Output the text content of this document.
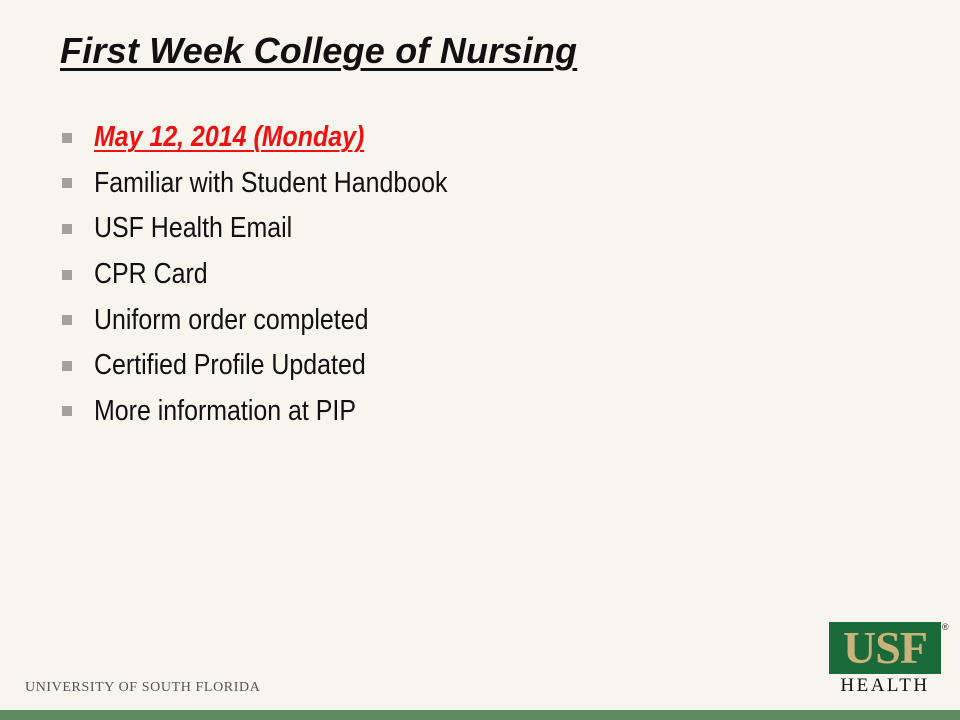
First Week College of Nursing
May 12, 2014 (Monday)
Familiar with Student Handbook
USF Health Email
CPR Card
Uniform order completed
Certified Profile Updated
More information at PIP
UNIVERSITY OF SOUTH FLORIDA
USF ®
HEALTH
